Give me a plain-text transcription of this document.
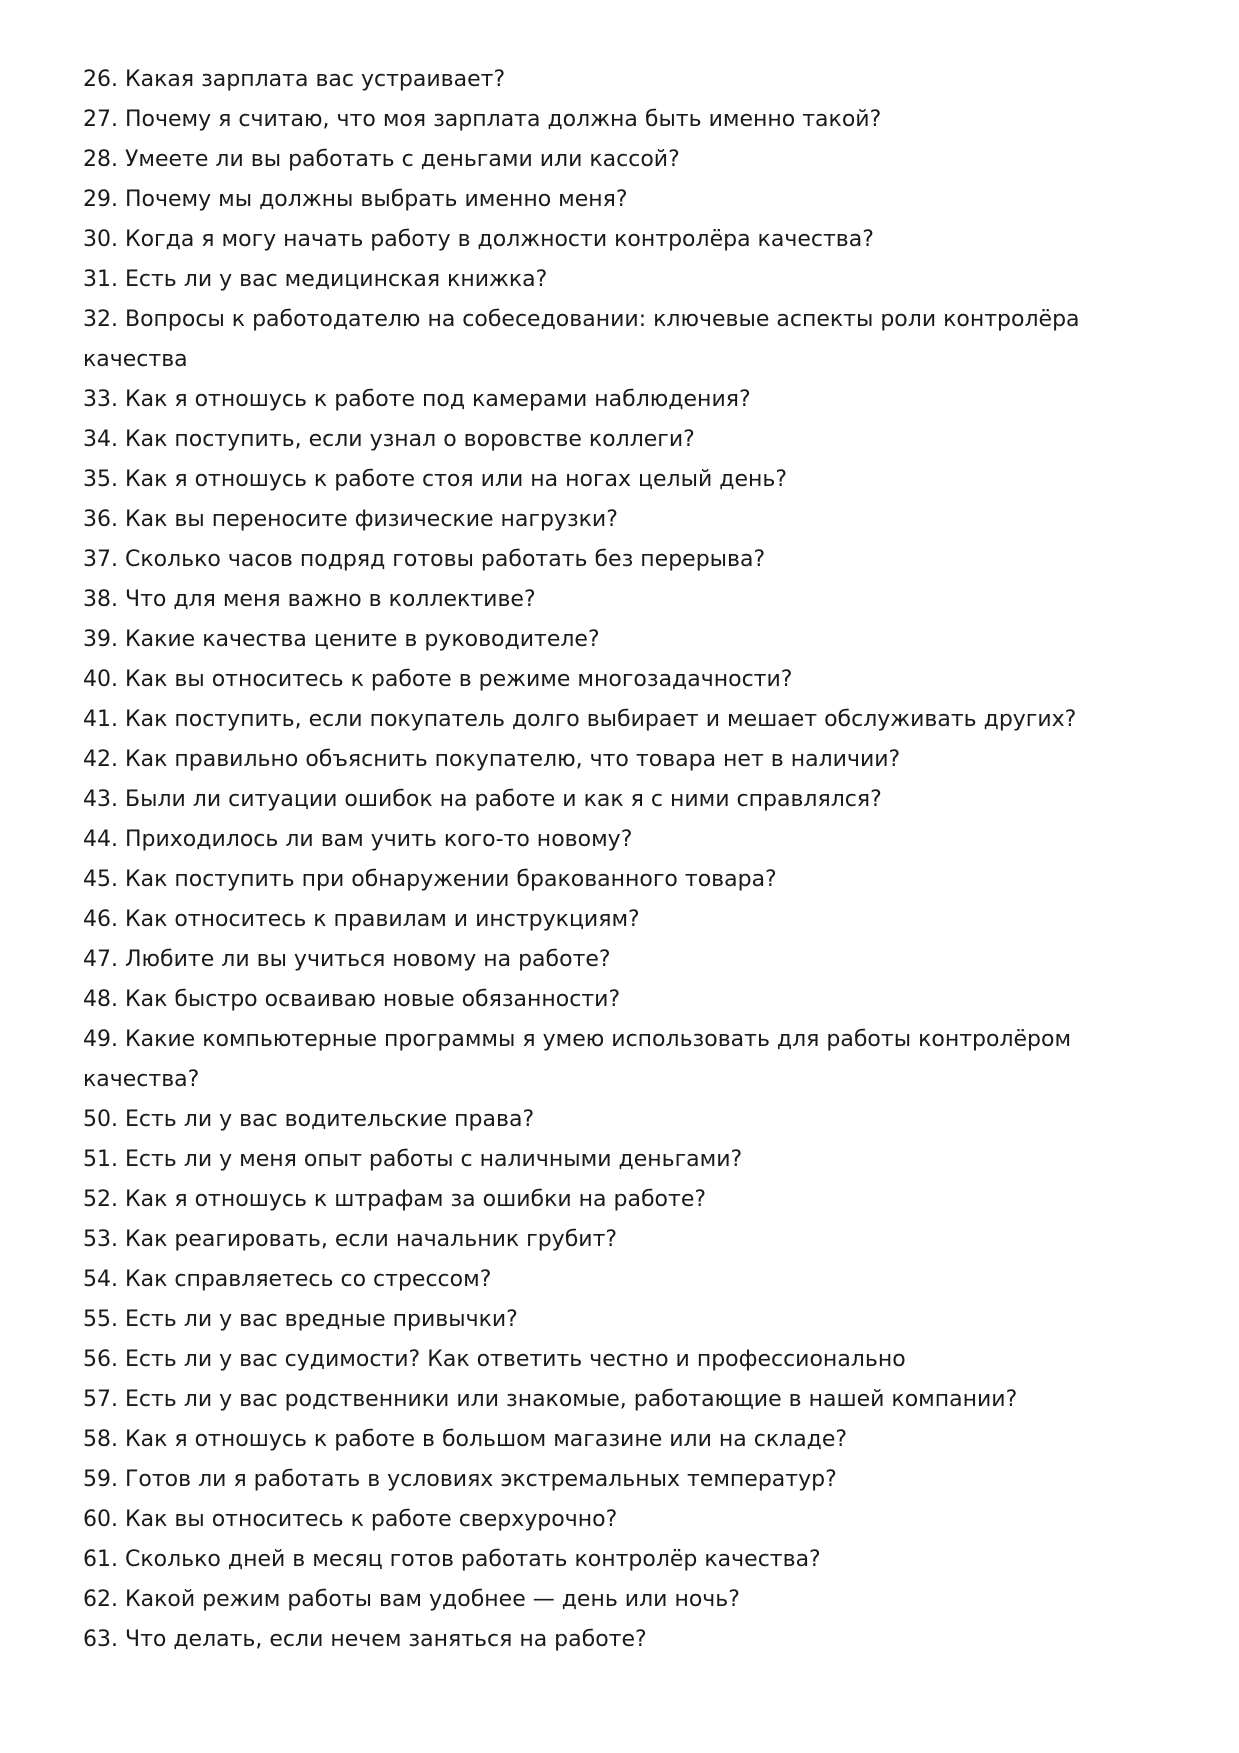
26. Какая зарплата вас устраивает?
27. Почему я считаю, что моя зарплата должна быть именно такой?
28. Умеете ли вы работать с деньгами или кассой?
29. Почему мы должны выбрать именно меня?
30. Когда я могу начать работу в должности контролёра качества?
31. Есть ли у вас медицинская книжка?
32. Вопросы к работодателю на собеседовании: ключевые аспекты роли контролёра качества
33. Как я отношусь к работе под камерами наблюдения?
34. Как поступить, если узнал о воровстве коллеги?
35. Как я отношусь к работе стоя или на ногах целый день?
36. Как вы переносите физические нагрузки?
37. Сколько часов подряд готовы работать без перерыва?
38. Что для меня важно в коллективе?
39. Какие качества цените в руководителе?
40. Как вы относитесь к работе в режиме многозадачности?
41. Как поступить, если покупатель долго выбирает и мешает обслуживать других?
42. Как правильно объяснить покупателю, что товара нет в наличии?
43. Были ли ситуации ошибок на работе и как я с ними справлялся?
44. Приходилось ли вам учить кого-то новому?
45. Как поступить при обнаружении бракованного товара?
46. Как относитесь к правилам и инструкциям?
47. Любите ли вы учиться новому на работе?
48. Как быстро осваиваю новые обязанности?
49. Какие компьютерные программы я умею использовать для работы контролёром качества?
50. Есть ли у вас водительские права?
51. Есть ли у меня опыт работы с наличными деньгами?
52. Как я отношусь к штрафам за ошибки на работе?
53. Как реагировать, если начальник грубит?
54. Как справляетесь со стрессом?
55. Есть ли у вас вредные привычки?
56. Есть ли у вас судимости? Как ответить честно и профессионально
57. Есть ли у вас родственники или знакомые, работающие в нашей компании?
58. Как я отношусь к работе в большом магазине или на складе?
59. Готов ли я работать в условиях экстремальных температур?
60. Как вы относитесь к работе сверхурочно?
61. Сколько дней в месяц готов работать контролёр качества?
62. Какой режим работы вам удобнее — день или ночь?
63. Что делать, если нечем заняться на работе?
